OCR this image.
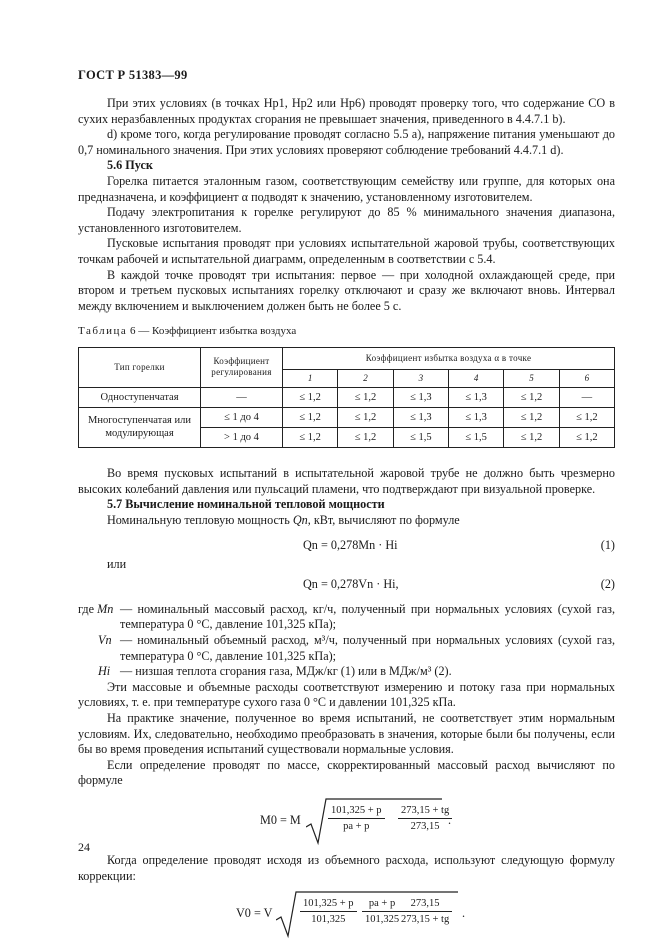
ГОСТ Р 51383—99

При этих условиях (в точках Нр1, Нр2 или Нр6) проводят проверку того, что содержание СО в сухих неразбавленных продуктах сгорания не превышает значения, приведенного в 4.4.7.1 b).

d) кроме того, когда регулирование проводят согласно 5.5 а), напряжение питания уменьшают до 0,7 номинального значения. При этих условиях проверяют соблюдение требований 4.4.7.1 d).

5.6 Пуск

Горелка питается эталонным газом, соответствующим семейству или группе, для которых она предназначена, и коэффициент α подводят к значению, установленному изготовителем.

Подачу электропитания к горелке регулируют до 85 % минимального значения диапазона, установленного изготовителем.

Пусковые испытания проводят при условиях испытательной жаровой трубы, соответствующих точкам рабочей и испытательной диаграмм, определенным в соответствии с 5.4.

В каждой точке проводят три испытания: первое — при холодной охлаждающей среде, при втором и третьем пусковых испытаниях горелку отключают и сразу же включают вновь. Интервал между включением и выключением должен быть не более 5 с.

Таблица 6 — Коэффициент избытка воздуха

Тип горелки	Коэффициент регулирования	Коэффициент избытка воздуха α в точке					
		1	2	3	4	5	6
Одноступенчатая	—	≤ 1,2	≤ 1,2	≤ 1,3	≤ 1,3	≤ 1,2	—
Многоступенчатая или модулирующая	≤ 1 до 4	≤ 1,2	≤ 1,2	≤ 1,3	≤ 1,3	≤ 1,2	≤ 1,2
	> 1 до 4	≤ 1,2	≤ 1,2	≤ 1,5	≤ 1,5	≤ 1,2	≤ 1,2

Во время пусковых испытаний в испытательной жаровой трубе не должно быть чрезмерно высоких колебаний давления или пульсаций пламени, что подтверждают при визуальной проверке.

5.7 Вычисление номинальной тепловой мощности

Номинальную тепловую мощность Qn, кВт, вычисляют по формуле

Qn = 0,278Mn · Hi	(1)

или

Qn = 0,278Vn · Hi,	(2)

где Mn — номинальный массовый расход, кг/ч, полученный при нормальных условиях (сухой газ, температура 0 °С, давление 101,325 кПа);

Vn — номинальный объемный расход, м³/ч, полученный при нормальных условиях (сухой газ, температура 0 °С, давление 101,325 кПа);

Hi — низшая теплота сгорания газа, МДж/кг (1) или в МДж/м³ (2).

Эти массовые и объемные расходы соответствуют измерению и потоку газа при нормальных условиях, т. е. при температуре сухого газа 0 °С и давлении 101,325 кПа.

На практике значение, полученное во время испытаний, не соответствует этим нормальным условиям. Их, следовательно, необходимо преобразовать в значения, которые были бы получены, если бы во время проведения испытаний существовали нормальные условия.

Если определение проводят по массе, скорректированный массовый расход вычисляют по формуле

M0 = M	$\frac{101,325 + p}{pa + p} \frac{273,15 + tg}{273,15}$
.

Когда определение проводят исходя из объемного расхода, используют следующую формулу коррекции:

V0 = V	$\frac{101,325 + p}{101,325} \frac{pa + p}{101,325}$
$\frac{273,15}{273,15 + tg}$ .
24
